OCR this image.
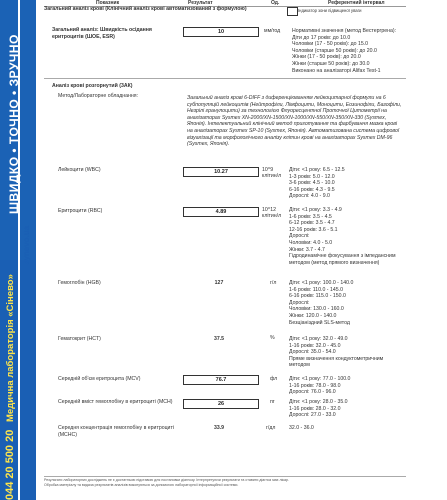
ШВИДКО • ТОЧНО • ЗРУЧНО
synevo.ua
Медична лабораторія «Сінево»
044 20 500 20
Показник	Результат	Од.	Референтний інтервал
Загальний аналіз крові (Клінічний аналіз крові автоматизований з формулою)	Індикатор зони підвищеної уваги
Загальний аналіз: Швидкість осідання еритроцитів (ШОЕ, ESR)
10	мм/год Нормативні значення (метод Вестергрена):
Діти до 17 років: до 10.0
Чоловіки (17 - 50 років): до 15.0
Чоловіки (старше 50 років): до 20.0
Жінки (17 - 50 років): до 20.0
Жінки (старше 50 років): до 30.0
Виконано на аналізаторі Alifax Test-1
Аналіз крові розгорнутий (3АК)
Метод/Лабораторне обладнання:	Загальний аналіз крові 6-DIFF з диференціюванням лейкоцитарної формули на 6 субпопуляцій лейкоцитів (Нейтрофіли, Лімфоцити, Моноцити, Еозинофіли, Базофіли, Незрілі гранулоцити) за технологією Флуоресцентної Проточної Цитометрії на аналізаторах Sysmex XN-2000/XN-1500/XN-1000/XN-550/XN-350/XN-330 (Sysmex, Японія). Інтелектуальний клінічний метод приготування та фарбування мазка крові на аналізаторах Sysmex SP-10 (Sysmex, Японія). Автоматизована система цифрової візуалізації та морфологічного аналізу клітин крові на аналізаторах Sysmex DM-96 (Sysmex, Японія).
Лейкоцити (WBC)	10.27	10^9
клітин/л
Діти: <1 року: 6.5 - 12.5
1-3 років: 5.0 - 12.0
3-6 років: 4.5 - 10.0
6-16 років: 4.3 - 9.5
Дорослі: 4.0 - 9.0
Еритроцити (RBC)	4.89	10^12
клітин/л
Діти: <1 року: 3.3 - 4.9
1-6 років: 3.5 - 4.5
6-12 років: 3.5 - 4.7
12-16 років: 3.6 - 5.1
Дорослі:
Чоловіки: 4.0 - 5.0
Жінки: 3.7 - 4.7
Гідродинамічне фокусування з імпедансним методом (метод прямого визначення)
Гемоглобін (HGB)	127	г/л Діти: <1 року: 100.0 - 140.0
1-6 років: 110.0 - 145.0
6-16 років: 115.0 - 150.0
Дорослі:
Чоловіки: 130.0 - 160.0
Жінки: 120.0 - 140.0
Безціаніздний SLS-метод
Гематокрит (HCT)	37.5	%	Діти: <1 року: 32.0 - 49.0
1-16 років: 32.0 - 45.0
Дорослі: 35.0 - 54.0
Пряме визначення кондуктометричним методом
Середній об'єм еритроцита (MCV)	76.7	фл Діти: <1 року: 77.0 - 100.0
1-16 років: 78.0 - 98.0
Дорослі: 76.0 - 96.0
Середній вміст гемоглобіну в еритроциті (MCH)	26	пг	Діти: <1 року: 28.0 - 35.0
1-16 років: 28.0 - 32.0
Дорослі: 27.0 - 33.0
Середня концентрація гемоглобіну в еритроциті (MCHC)
33.9	г/дл	32.0 - 36.0
Результати лабораторних досліджень не є достатньою підставою для постановки діагнозу. Інтерпретуючи результати та ставити діагноз має лікар.
Обробка матеріалу та видача результатів аналізів виконуються за допомогою лабораторної інформаційної системи.
